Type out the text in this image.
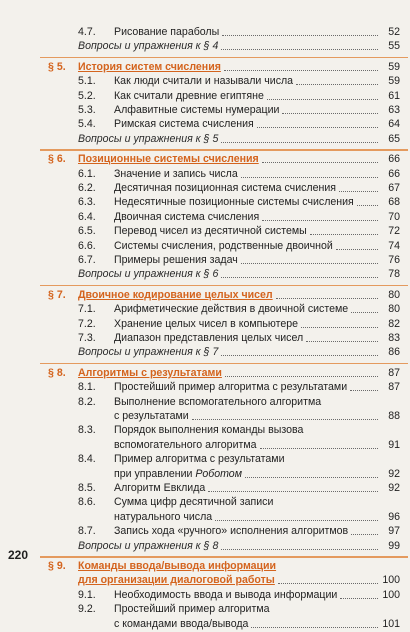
4.7.	Рисование параболы	52
Вопросы и упражнения к § 4	55
§ 5.	История систем счисления	59
5.1.	Как люди считали и называли числа	59
5.2.	Как считали древние египтяне	61
5.3.	Алфавитные системы нумерации	63
5.4.	Римская система счисления	64
Вопросы и упражнения к § 5	65
§ 6.	Позиционные системы счисления	66
6.1.	Значение и запись числа	66
6.2.	Десятичная позиционная система счисления	67
6.3.	Недесятичные позиционные системы счисления	68
6.4.	Двоичная система счисления	70
6.5.	Перевод чисел из десятичной системы	72
6.6.	Системы счисления, родственные двоичной	74
6.7.	Примеры решения задач	76
Вопросы и упражнения к § 6	78
§ 7.	Двоичное кодирование целых чисел	80
7.1.	Арифметические действия в двоичной системе	80
7.2.	Хранение целых чисел в компьютере	82
7.3.	Диапазон представления целых чисел	83
Вопросы и упражнения к § 7	86
§ 8.	Алгоритмы с результатами	87
8.1.	Простейший пример алгоритма с результатами	87
8.2.	Выполнение вспомогательного алгоритма
с результатами	88
8.3.	Порядок выполнения команды вызова
вспомогательного алгоритма	91
8.4.	Пример алгоритма с результатами
при управлении Роботом	92
8.5.	Алгоритм Евклида	92
8.6.	Сумма цифр десятичной записи
натурального числа	96
8.7.	Запись хода «ручного» исполнения алгоритмов	97
Вопросы и упражнения к § 8	99
§ 9.	Команды ввода/вывода информации
для организации диалоговой работы	100
9.1.	Необходимость ввода и вывода информации	100
9.2.	Простейший пример алгоритма
с командами ввода/вывода	101
220
